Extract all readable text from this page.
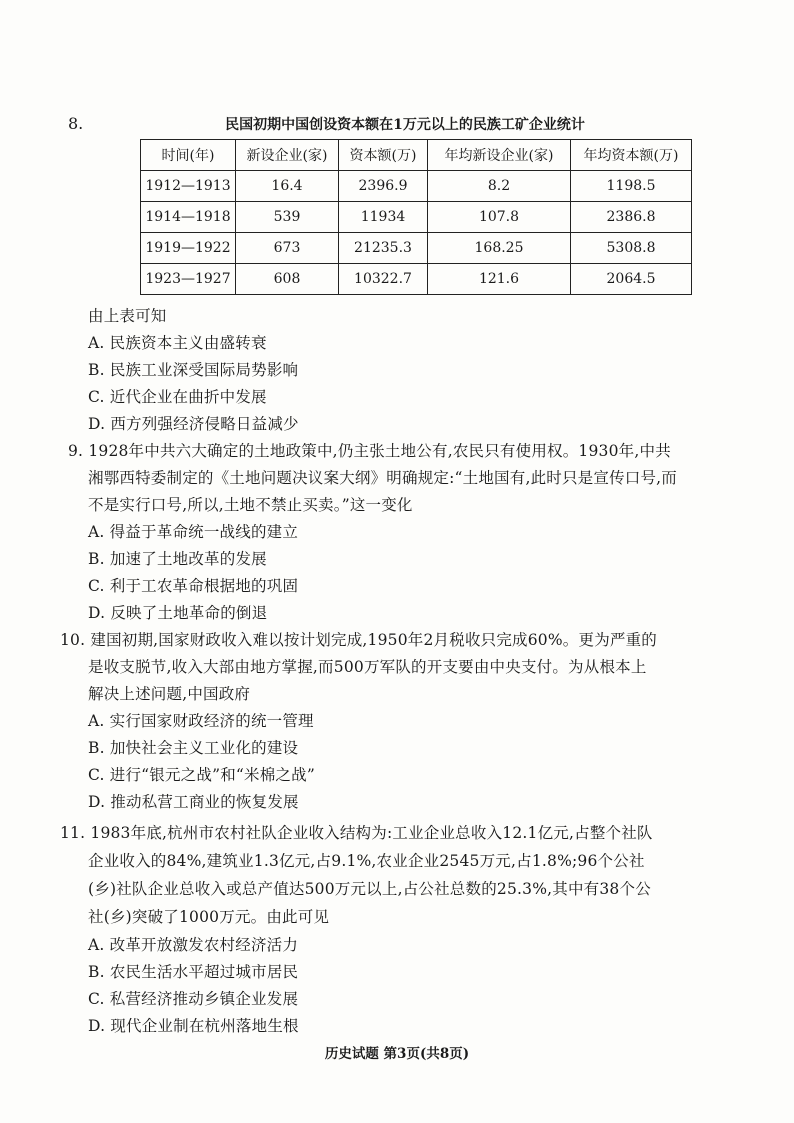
8.	民国初期中国创设资本额在1万元以上的民族工矿企业统计
时间(年)	新设企业(家)	资本额(万)	年均新设企业(家)	年均资本额(万)
1912—1913	16.4	2396.9	8.2	1198.5
1914—1918	539	11934	107.8	2386.8
1919—1922	673	21235.3	168.25	5308.8
1923—1927	608	10322.7	121.6	2064.5
由上表可知
A. 民族资本主义由盛转衰
B. 民族工业深受国际局势影响
C. 近代企业在曲折中发展
D. 西方列强经济侵略日益减少
9. 1928年中共六大确定的土地政策中,仍主张土地公有,农民只有使用权。1930年,中共
湘鄂西特委制定的《土地问题决议案大纲》明确规定:“土地国有,此时只是宣传口号,而
不是实行口号,所以,土地不禁止买卖。”这一变化
A. 得益于革命统一战线的建立
B. 加速了土地改革的发展
C. 利于工农革命根据地的巩固
D. 反映了土地革命的倒退
10. 建国初期,国家财政收入难以按计划完成,1950年2月税收只完成60%。更为严重的
是收支脱节,收入大部由地方掌握,而500万军队的开支要由中央支付。为从根本上
解决上述问题,中国政府
A. 实行国家财政经济的统一管理
B. 加快社会主义工业化的建设
C. 进行“银元之战”和“米棉之战”
D. 推动私营工商业的恢复发展
11. 1983年底,杭州市农村社队企业收入结构为:工业企业总收入12.1亿元,占整个社队
企业收入的84%,建筑业1.3亿元,占9.1%,农业企业2545万元,占1.8%;96个公社
(乡)社队企业总收入或总产值达500万元以上,占公社总数的25.3%,其中有38个公
社(乡)突破了1000万元。由此可见
A. 改革开放激发农村经济活力
B. 农民生活水平超过城市居民
C. 私营经济推动乡镇企业发展
D. 现代企业制在杭州落地生根
历史试题 第3页(共8页)
